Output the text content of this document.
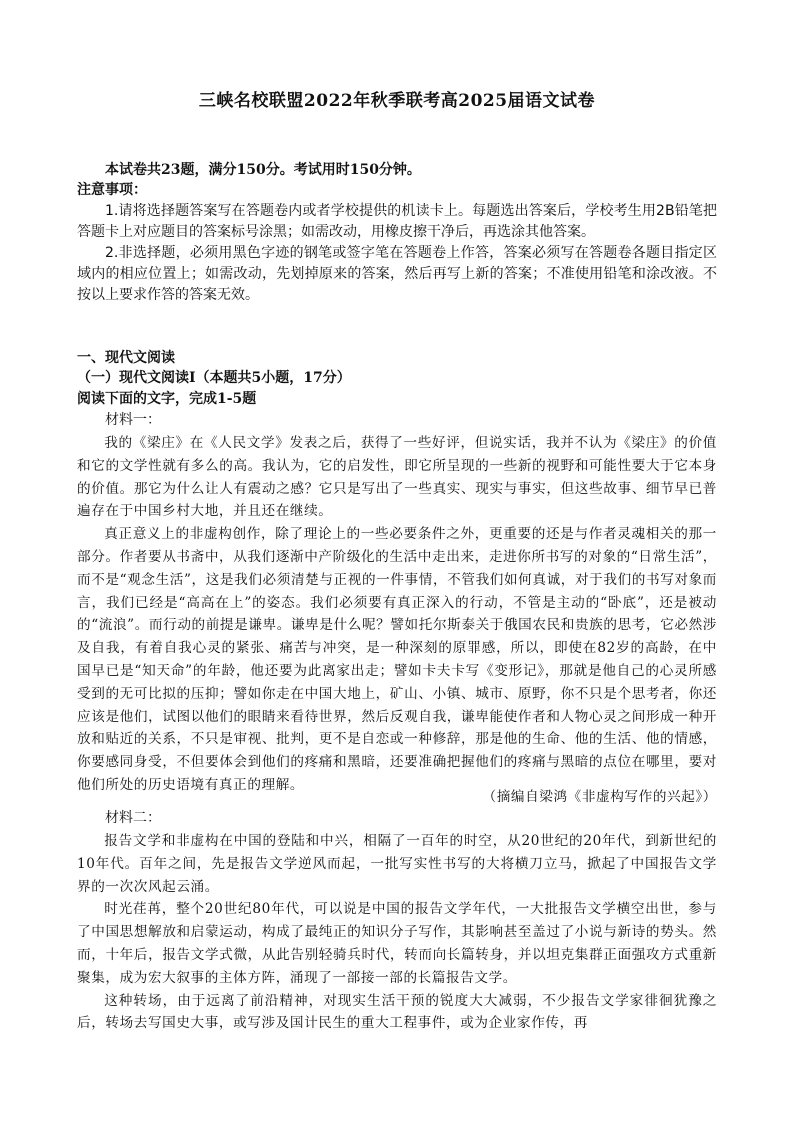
三峡名校联盟2022年秋季联考高2025届语文试卷
本试卷共23题，满分150分。考试用时150分钟。
注意事项：

1.请将选择题答案写在答题卷内或者学校提供的机读卡上。每题选出答案后，学校考生用2B铅笔把答题卡上对应题目的答案标号涂黑；如需改动，用橡皮擦干净后，再选涂其他答案。

2.非选择题，必须用黑色字迹的钢笔或签字笔在答题卷上作答，答案必须写在答题卷各题目指定区域内的相应位置上；如需改动，先划掉原来的答案，然后再写上新的答案；不准使用铅笔和涂改液。不按以上要求作答的答案无效。

一、现代文阅读
（一）现代文阅读Ⅰ（本题共5小题，17分）
阅读下面的文字，完成1-5题
材料一：

我的《梁庄》在《人民文学》发表之后，获得了一些好评，但说实话，我并不认为《梁庄》的价值和它的文学性就有多么的高。我认为，它的启发性，即它所呈现的一些新的视野和可能性要大于它本身的价值。那它为什么让人有震动之感？它只是写出了一些真实、现实与事实，但这些故事、细节早已普遍存在于中国乡村大地，并且还在继续。

真正意义上的非虚构创作，除了理论上的一些必要条件之外，更重要的还是与作者灵魂相关的那一部分。作者要从书斋中，从我们逐渐中产阶级化的生活中走出来，走进你所书写的对象的“日常生活”，而不是“观念生活”，这是我们必须清楚与正视的一件事情，不管我们如何真诚，对于我们的书写对象而言，我们已经是“高高在上”的姿态。我们必须要有真正深入的行动，不管是主动的“卧底”，还是被动的“流浪”。而行动的前提是谦卑。谦卑是什么呢？譬如托尔斯泰关于俄国农民和贵族的思考，它必然涉及自我，有着自我心灵的紧张、痛苦与冲突，是一种深刻的原罪感，所以，即使在82岁的高龄，在中国早已是“知天命”的年龄，他还要为此离家出走；譬如卡夫卡写《变形记》，那就是他自己的心灵所感受到的无可比拟的压抑；譬如你走在中国大地上，矿山、小镇、城市、原野，你不只是个思考者，你还应该是他们，试图以他们的眼睛来看待世界，然后反观自我，谦卑能使作者和人物心灵之间形成一种开放和贴近的关系，不只是审视、批判，更不是自恋或一种修辞，那是他的生命、他的生活、他的情感，你要感同身受，不但要体会到他们的疼痛和黑暗，还要准确把握他们的疼痛与黑暗的点位在哪里，要对他们所处的历史语境有真正的理解。

（摘编自梁鸿《非虚构写作的兴起》）
材料二：

报告文学和非虚构在中国的登陆和中兴，相隔了一百年的时空，从20世纪的20年代，到新世纪的10年代。百年之间，先是报告文学逆风而起，一批写实性书写的大将横刀立马，掀起了中国报告文学界的一次次风起云涌。

时光荏苒，整个20世纪80年代，可以说是中国的报告文学年代，一大批报告文学横空出世，参与了中国思想解放和启蒙运动，构成了最纯正的知识分子写作，其影响甚至盖过了小说与新诗的势头。然而，十年后，报告文学式微，从此告别轻骑兵时代，转而向长篇转身，并以坦克集群正面强攻方式重新聚集，成为宏大叙事的主体方阵，涌现了一部接一部的长篇报告文学。

这种转场，由于远离了前沿精神，对现实生活干预的锐度大大减弱，不少报告文学家徘徊犹豫之后，转场去写国史大事，或写涉及国计民生的重大工程事件，或为企业家作传，再
